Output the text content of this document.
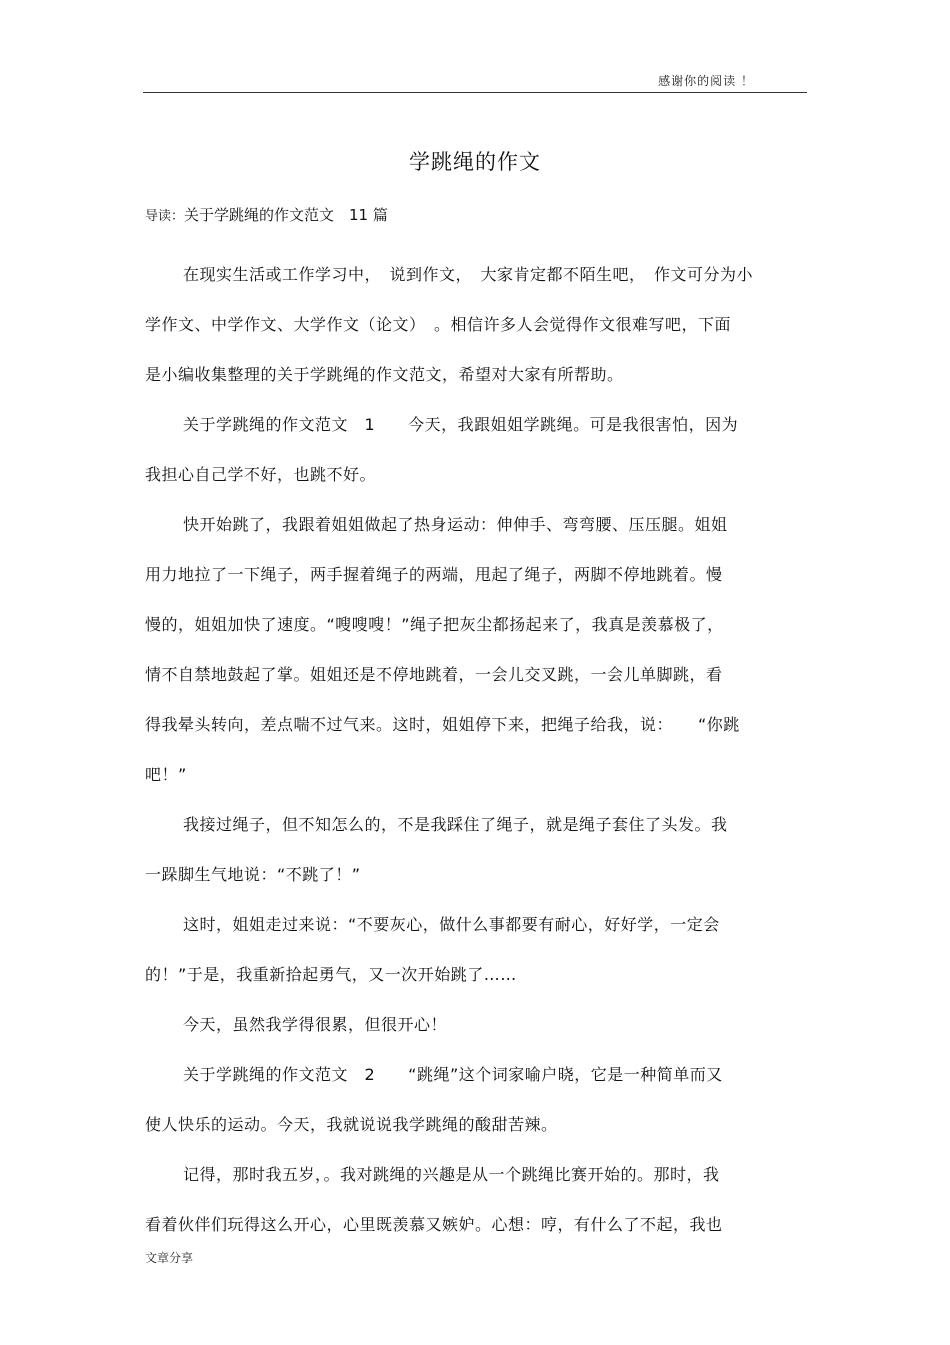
感谢你的阅读 ！
学跳绳的作文
导读：关于学跳绳的作文范文　11 篇
在现实生活或工作学习中，　说到作文，　大家肯定都不陌生吧，　作文可分为小
学作文、中学作文、大学作文（论文）　。相信许多人会觉得作文很难写吧，下面
是小编收集整理的关于学跳绳的作文范文，希望对大家有所帮助。
关于学跳绳的作文范文　1　　今天，我跟姐姐学跳绳。可是我很害怕，因为
我担心自己学不好，也跳不好。
快开始跳了，我跟着姐姐做起了热身运动：伸伸手、弯弯腰、压压腿。姐姐
用力地拉了一下绳子，两手握着绳子的两端，甩起了绳子，两脚不停地跳着。慢
慢的，姐姐加快了速度。“嗖嗖嗖！”绳子把灰尘都扬起来了，我真是羡慕极了，
情不自禁地鼓起了掌。姐姐还是不停地跳着，一会儿交叉跳，一会儿单脚跳，看
得我晕头转向，差点喘不过气来。这时，姐姐停下来，把绳子给我，说：　　“你跳
吧！”
我接过绳子，但不知怎么的，不是我踩住了绳子，就是绳子套住了头发。我
一跺脚生气地说：“不跳了！”
这时，姐姐走过来说：“不要灰心，做什么事都要有耐心，好好学，一定会
的！”于是，我重新拾起勇气，又一次开始跳了……
今天，虽然我学得很累，但很开心！
关于学跳绳的作文范文　2　　“跳绳”这个词家喻户晓，它是一种简单而又
使人快乐的运动。今天，我就说说我学跳绳的酸甜苦辣。
记得，那时我五岁，。我对跳绳的兴趣是从一个跳绳比赛开始的。那时，我
看着伙伴们玩得这么开心，心里既羡慕又嫉妒。心想：哼，有什么了不起，我也
文章分享
